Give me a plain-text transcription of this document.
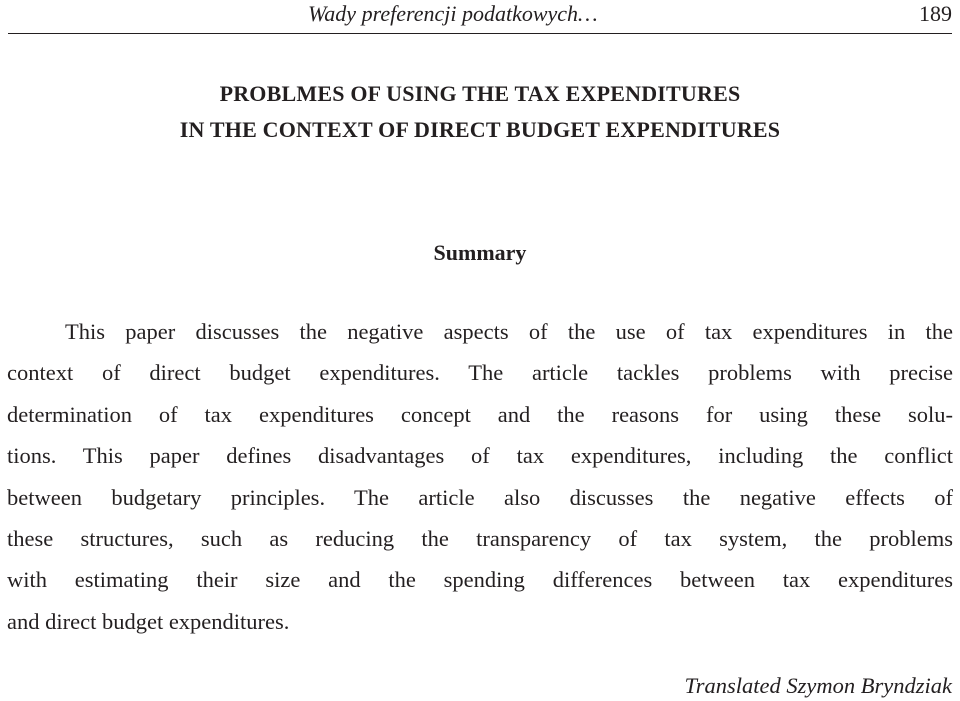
Wady preferencji podatkowych…	189
PROBLMES OF USING THE TAX EXPENDITURES
IN THE CONTEXT OF DIRECT BUDGET EXPENDITURES
Summary
This paper discusses the negative aspects of the use of tax expenditures in the
context of direct budget expenditures. The article tackles problems with precise
determination of tax expenditures concept and the reasons for using these solu-
tions. This paper defines disadvantages of tax expenditures, including the conflict
between budgetary principles. The article also discusses the negative effects of
these structures, such as reducing the transparency of tax system, the problems
with estimating their size and the spending differences between tax expenditures
and direct budget expenditures.
Translated Szymon Bryndziak
